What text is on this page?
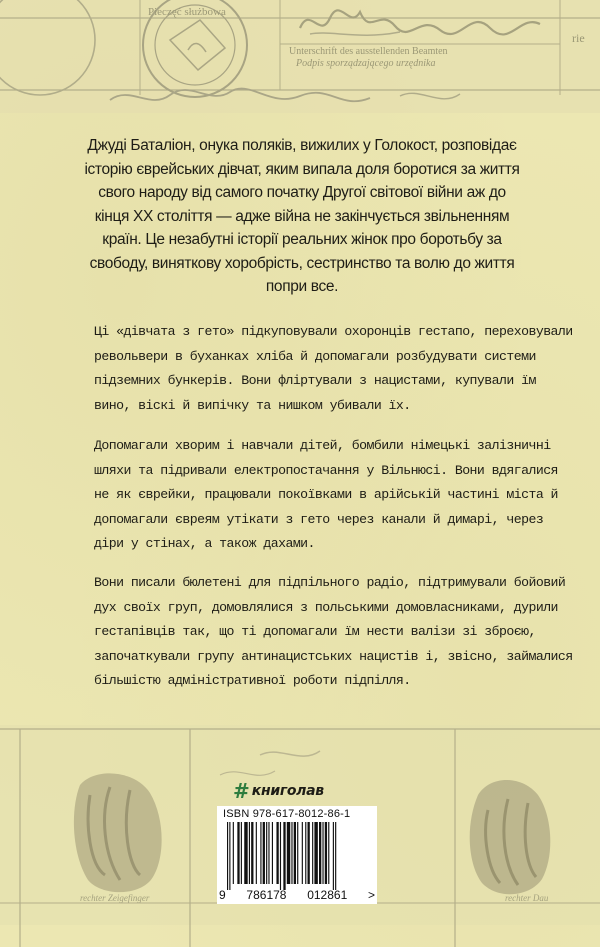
Pieczęć służbowa
Unterschrift des ausstellenden Beamten
Podpis sporządzającego urzędnika
rie
Джуді Баталіон, онука поляків, вижилих у Голокост, розповідає історію єврейських дівчат, яким випала доля боротися за життя свого народу від самого початку Другої світової війни аж до кінця XX століття — адже війна не закінчується звільненням країн. Це незабутні історії реальних жінок про боротьбу за свободу, виняткову хоробрість, сестринство та волю до життя попри все.
Ці «дівчата з гето» підкуповували охоронців гестапо, переховували револьвери в буханках хліба й допомагали розбудувати системи підземних бункерів. Вони фліртували з нацистами, купували їм вино, віскі й випічку та нишком убивали їх.
Допомагали хворим і навчали дітей, бомбили німецькі залізничні шляхи та підривали електропостачання у Вільнюсі. Вони вдягалися не як єврейки, працювали покоївками в арійській частині міста й допомагали євреям утікати з гето через канали й димарі, через діри у стінах, а також дахами.
Вони писали бюлетені для підпільного радіо, підтримували бойовий дух своїх груп, домовлялися з польськими домовласниками, дурили гестапівців так, що ті допомагали їм нести валізи зі зброєю, започаткували групу антинацистських нацистів і, звісно, займалися більшістю адміністративної роботи підпілля.
rechter Zeigefinger	rechter Dau
# книголав
ISBN 978-617-8012-86-1
9 786178 012861 >
